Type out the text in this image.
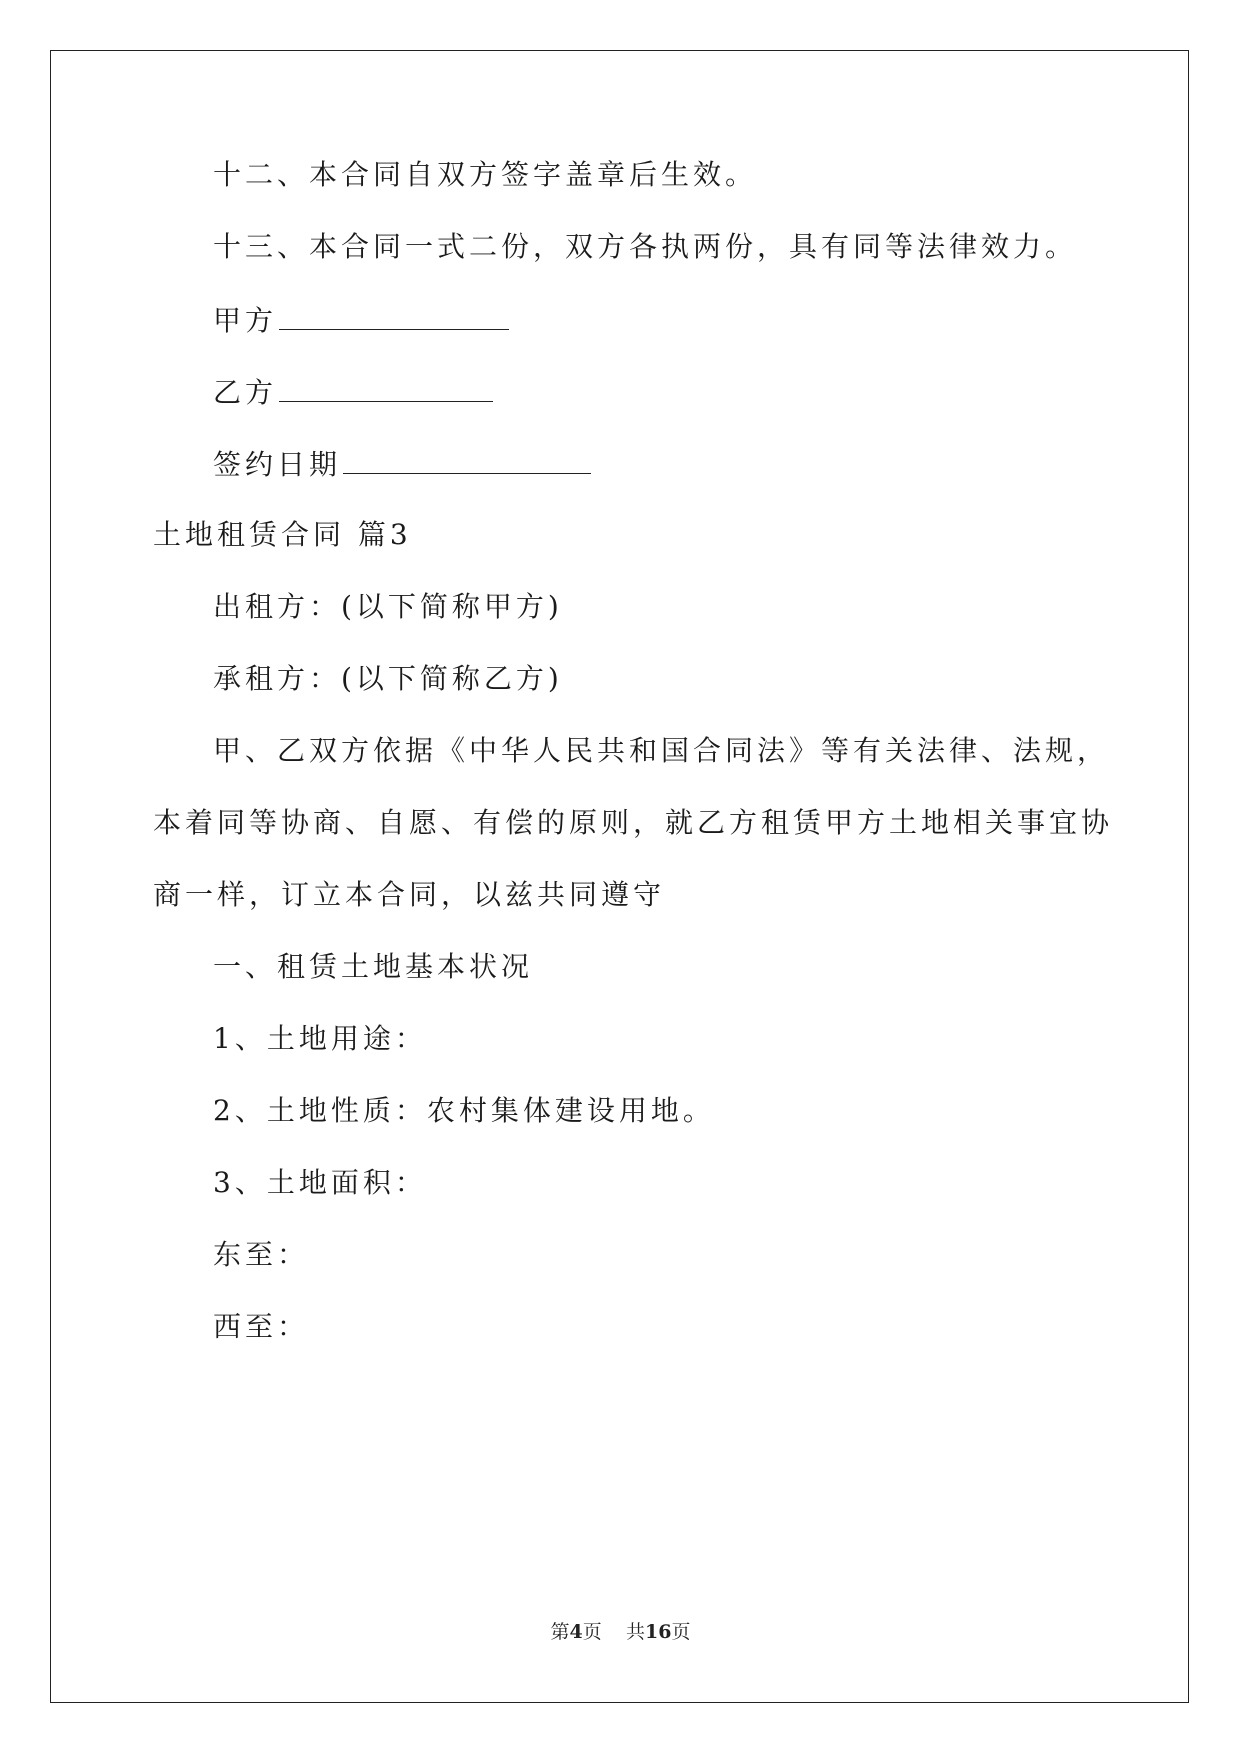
十二、本合同自双方签字盖章后生效。
十三、本合同一式二份，双方各执两份，具有同等法律效力。
甲方
乙方
签约日期
土地租赁合同 篇3
出租方：(以下简称甲方)
承租方：(以下简称乙方)
甲、乙双方依据《中华人民共和国合同法》等有关法律、法规，
本着同等协商、自愿、有偿的原则，就乙方租赁甲方土地相关事宜协
商一样，订立本合同，以兹共同遵守
一、租赁土地基本状况
1、土地用途：
2、土地性质：农村集体建设用地。
3、土地面积：
东至：
西至：
第4页 共16页
